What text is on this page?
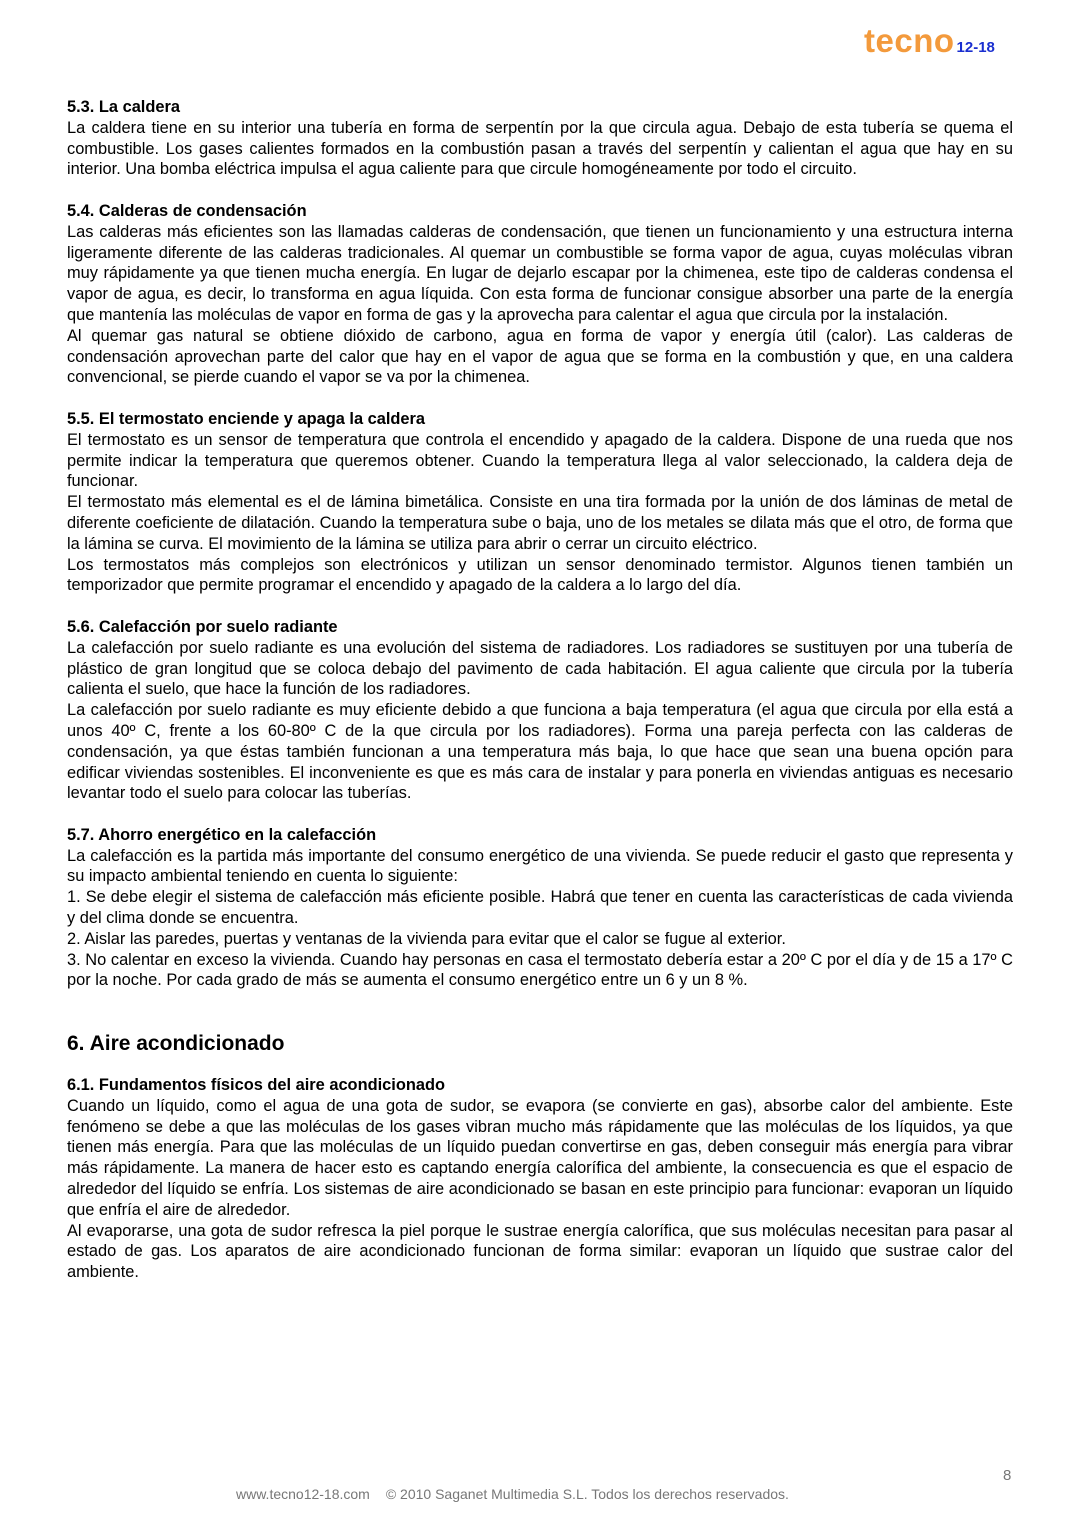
tecno 12-18
5.3. La caldera

La caldera tiene en su interior una tubería en forma de serpentín por la que circula agua. Debajo de esta tubería se quema el combustible. Los gases calientes formados en la combustión pasan a través del serpentín y calientan el agua que hay en su interior. Una bomba eléctrica impulsa el agua caliente para que circule homogéneamente por todo el circuito.

5.4. Calderas de condensación

Las calderas más eficientes son las llamadas calderas de condensación, que tienen un funcionamiento y una estructura interna ligeramente diferente de las calderas tradicionales. Al quemar un combustible se forma vapor de agua, cuyas moléculas vibran muy rápidamente ya que tienen mucha energía. En lugar de dejarlo escapar por la chimenea, este tipo de calderas condensa el vapor de agua, es decir, lo transforma en agua líquida. Con esta forma de funcionar consigue absorber una parte de la energía que mantenía las moléculas de vapor en forma de gas y la aprovecha para calentar el agua que circula por la instalación.

Al quemar gas natural se obtiene dióxido de carbono, agua en forma de vapor y energía útil (calor). Las calderas de condensación aprovechan parte del calor que hay en el vapor de agua que se forma en la combustión y que, en una caldera convencional, se pierde cuando el vapor se va por la chimenea.

5.5. El termostato enciende y apaga la caldera

El termostato es un sensor de temperatura que controla el encendido y apagado de la caldera. Dispone de una rueda que nos permite indicar la temperatura que queremos obtener. Cuando la temperatura llega al valor seleccionado, la caldera deja de funcionar.

El termostato más elemental es el de lámina bimetálica. Consiste en una tira formada por la unión de dos láminas de metal de diferente coeficiente de dilatación. Cuando la temperatura sube o baja, uno de los metales se dilata más que el otro, de forma que la lámina se curva. El movimiento de la lámina se utiliza para abrir o cerrar un circuito eléctrico.

Los termostatos más complejos son electrónicos y utilizan un sensor denominado termistor. Algunos tienen también un temporizador que permite programar el encendido y apagado de la caldera a lo largo del día.

5.6. Calefacción por suelo radiante

La calefacción por suelo radiante es una evolución del sistema de radiadores. Los radiadores se sustituyen por una tubería de plástico de gran longitud que se coloca debajo del pavimento de cada habitación. El agua caliente que circula por la tubería calienta el suelo, que hace la función de los radiadores.

La calefacción por suelo radiante es muy eficiente debido a que funciona a baja temperatura (el agua que circula por ella está a unos 40º C, frente a los 60-80º C de la que circula por los radiadores). Forma una pareja perfecta con las calderas de condensación, ya que éstas también funcionan a una temperatura más baja, lo que hace que sean una buena opción para edificar viviendas sostenibles. El inconveniente es que es más cara de instalar y para ponerla en viviendas antiguas es necesario levantar todo el suelo para colocar las tuberías.

5.7. Ahorro energético en la calefacción

La calefacción es la partida más importante del consumo energético de una vivienda. Se puede reducir el gasto que representa y su impacto ambiental teniendo en cuenta lo siguiente:

1. Se debe elegir el sistema de calefacción más eficiente posible. Habrá que tener en cuenta las características de cada vivienda y del clima donde se encuentra.

2. Aislar las paredes, puertas y ventanas de la vivienda para evitar que el calor se fugue al exterior.

3. No calentar en exceso la vivienda. Cuando hay personas en casa el termostato debería estar a 20º C por el día y de 15 a 17º C por la noche. Por cada grado de más se aumenta el consumo energético entre un 6 y un 8 %.

6. Aire acondicionado
6.1. Fundamentos físicos del aire acondicionado

Cuando un líquido, como el agua de una gota de sudor, se evapora (se convierte en gas), absorbe calor del ambiente. Este fenómeno se debe a que las moléculas de los gases vibran mucho más rápidamente que las moléculas de los líquidos, ya que tienen más energía. Para que las moléculas de un líquido puedan convertirse en gas, deben conseguir más energía para vibrar más rápidamente. La manera de hacer esto es captando energía calorífica del ambiente, la consecuencia es que el espacio de alrededor del líquido se enfría. Los sistemas de aire acondicionado se basan en este principio para funcionar: evaporan un líquido que enfría el aire de alrededor.

Al evaporarse, una gota de sudor refresca la piel porque le sustrae energía calorífica, que sus moléculas necesitan para pasar al estado de gas. Los aparatos de aire acondicionado funcionan de forma similar: evaporan un líquido que sustrae calor del ambiente.

8
www.tecno12-18.com © 2010 Saganet Multimedia S.L. Todos los derechos reservados.
